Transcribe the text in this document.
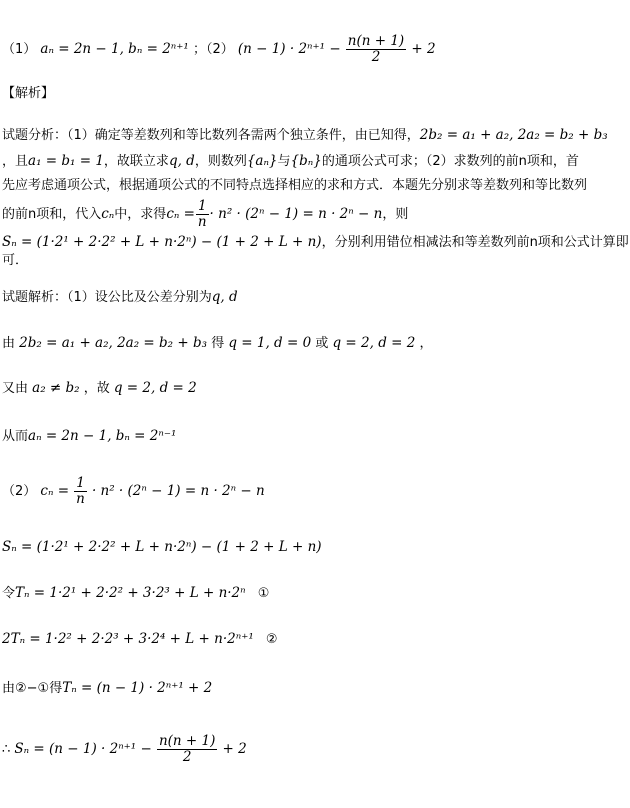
（1） aₙ = 2n − 1, bₙ = 2ⁿ⁺¹ ；（2） $(n - 1) \cdot 2^{n+1} - \frac{n(n + 1)}{2} + 2$
【解析】
试题分析：（1）确定等差数列和等比数列各需两个独立条件，由已知得，2b₂ = a₁ + a₂, 2a₂ = b₂ + b₃
，且a₁ = b₁ = 1，故联立求q, d，则数列{aₙ}与{bₙ}的通项公式可求；（2）求数列的前n项和，首
先应考虑通项公式，根据通项公式的不同特点选择相应的求和方式．本题先分别求等差数列和等比数列
的前n项和，代入cₙ中，求得$c_n = \frac{1}{n} \cdot n^2 \cdot (2^n - 1) = n \cdot 2^n - n$，则
Sₙ = (1·2¹ + 2·2² + L + n·2ⁿ) − (1 + 2 + L + n)，分别利用错位相减法和等差数列前n项和公式计算即
可．
试题解析：（1）设公比及公差分别为q, d
由 2b₂ = a₁ + a₂, 2a₂ = b₂ + b₃ 得 q = 1, d = 0 或 q = 2, d = 2 ，
又由 a₂ ≠ b₂ ，故 q = 2, d = 2
从而aₙ = 2n − 1, bₙ = 2ⁿ⁻¹
（2） $c_n = \frac{1}{n} \cdot n^2 \cdot (2^n - 1) = n \cdot 2^n - n$
Sₙ = (1·2¹ + 2·2² + L + n·2ⁿ) − (1 + 2 + L + n)
令Tₙ = 1·2¹ + 2·2² + 3·2³ + L + n·2ⁿ ①
2Tₙ = 1·2² + 2·2³ + 3·2⁴ + L + n·2ⁿ⁺¹ ②
由②−①得Tₙ = (n − 1) · 2ⁿ⁺¹ + 2
∴ $S_n = (n - 1) \cdot 2^{n+1} - \frac{n(n + 1)}{2} + 2$
